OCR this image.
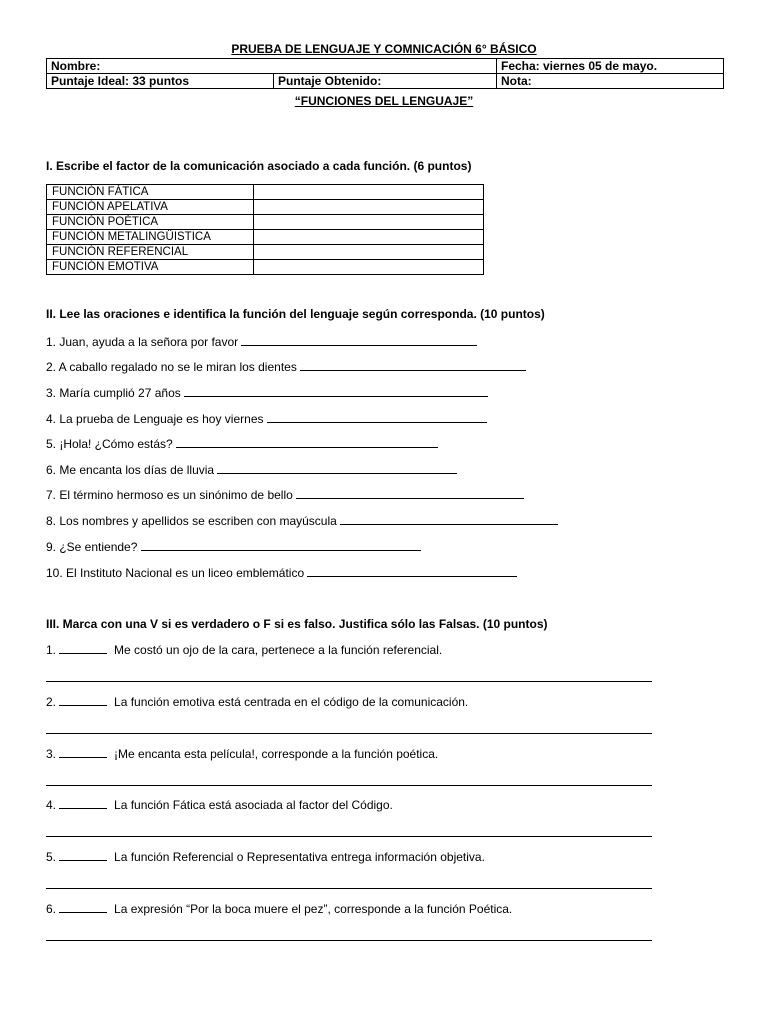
PRUEBA DE LENGUAJE Y COMNICACIÓN 6° BÁSICO
Nombre:		Fecha: viernes 05 de mayo.
Puntaje Ideal: 33 puntos	Puntaje Obtenido:	Nota:
“FUNCIONES DEL LENGUAJE”
I. Escribe el factor de la comunicación asociado a cada función. (6 puntos)
FUNCIÓN FÁTICA	
FUNCIÓN APELATIVA	
FUNCIÓN POÉTICA	
FUNCIÓN METALINGÜISTICA	
FUNCIÓN REFERENCIAL	
FUNCIÓN EMOTIVA	
II. Lee las oraciones e identifica la función del lenguaje según corresponda. (10 puntos)
1. Juan, ayuda a la señora por favor
2. A caballo regalado no se le miran los dientes
3. María cumplió 27 años
4. La prueba de Lenguaje es hoy viernes
5. ¡Hola! ¿Cómo estás?
6. Me encanta los días de lluvia
7. El término hermoso es un sinónimo de bello
8. Los nombres y apellidos se escriben con mayúscula
9. ¿Se entiende?
10. El Instituto Nacional es un liceo emblemático
III. Marca con una V si es verdadero o F si es falso. Justifica sólo las Falsas. (10 puntos)
1.	Me costó un ojo de la cara, pertenece a la función referencial.
2.	La función emotiva está centrada en el código de la comunicación.
3.	¡Me encanta esta película!, corresponde a la función poética.
4.	La función Fática está asociada al factor del Código.
5.	La función Referencial o Representativa entrega información objetiva.
6.	La expresión “Por la boca muere el pez”, corresponde a la función Poética.
